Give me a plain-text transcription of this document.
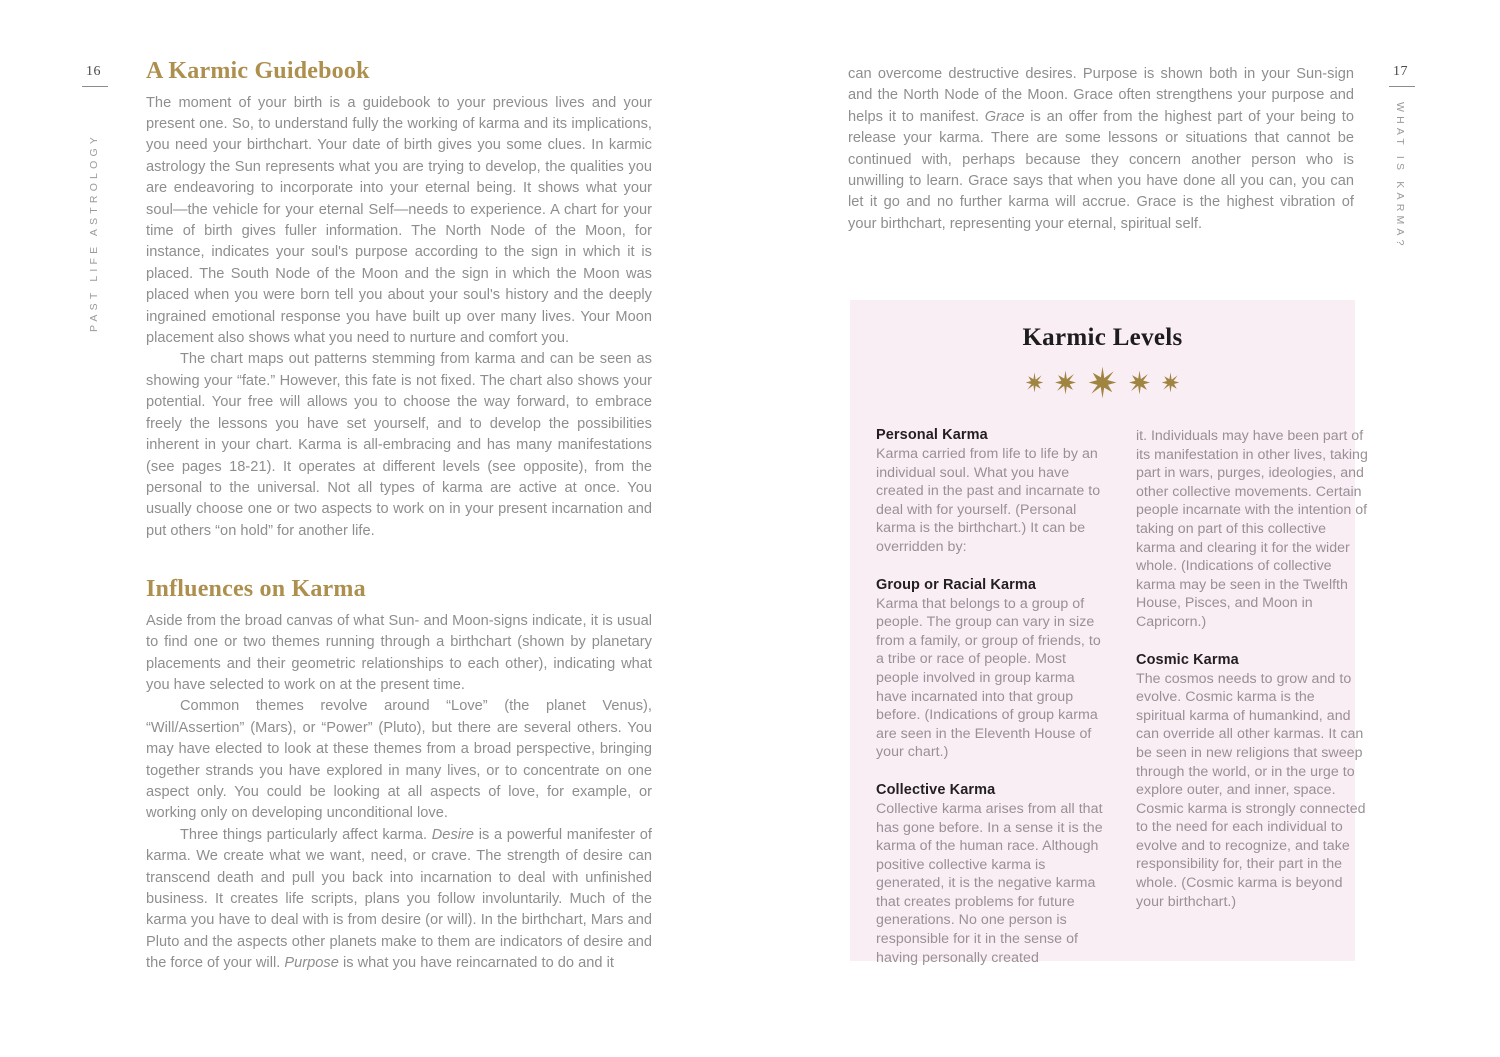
16
PAST LIFE ASTROLOGY
A Karmic Guidebook

The moment of your birth is a guidebook to your previous lives and your present one. So, to understand fully the working of karma and its implications, you need your birthchart. Your date of birth gives you some clues. In karmic astrology the Sun represents what you are trying to develop, the qualities you are endeavoring to incorporate into your eternal being. It shows what your soul—the vehicle for your eternal Self—needs to experience. A chart for your time of birth gives fuller information. The North Node of the Moon, for instance, indicates your soul's purpose according to the sign in which it is placed. The South Node of the Moon and the sign in which the Moon was placed when you were born tell you about your soul's history and the deeply ingrained emotional response you have built up over many lives. Your Moon placement also shows what you need to nurture and comfort you.

The chart maps out patterns stemming from karma and can be seen as showing your “fate.” However, this fate is not fixed. The chart also shows your potential. Your free will allows you to choose the way forward, to embrace freely the lessons you have set yourself, and to develop the possibilities inherent in your chart. Karma is all-embracing and has many manifestations (see pages 18-21). It operates at different levels (see opposite), from the personal to the universal. Not all types of karma are active at once. You usually choose one or two aspects to work on in your present incarnation and put others “on hold” for another life.

Influences on Karma

Aside from the broad canvas of what Sun- and Moon-signs indicate, it is usual to find one or two themes running through a birthchart (shown by planetary placements and their geometric relationships to each other), indicating what you have selected to work on at the present time.

Common themes revolve around “Love” (the planet Venus), “Will/Assertion” (Mars), or “Power” (Pluto), but there are several others. You may have elected to look at these themes from a broad perspective, bringing together strands you have explored in many lives, or to concentrate on one aspect only. You could be looking at all aspects of love, for example, or working only on developing unconditional love.

Three things particularly affect karma. Desire is a powerful manifester of karma. We create what we want, need, or crave. The strength of desire can transcend death and pull you back into incarnation to deal with unfinished business. It creates life scripts, plans you follow involuntarily. Much of the karma you have to deal with is from desire (or will). In the birthchart, Mars and Pluto and the aspects other planets make to them are indicators of desire and the force of your will. Purpose is what you have reincarnated to do and it

17
WHAT IS KARMA?

can overcome destructive desires. Purpose is shown both in your Sun-sign and the North Node of the Moon. Grace often strengthens your purpose and helps it to manifest. Grace is an offer from the highest part of your being to release your karma. There are some lessons or situations that cannot be continued with, perhaps because they concern another person who is unwilling to learn. Grace says that when you have done all you can, you can let it go and no further karma will accrue. Grace is the highest vibration of your birthchart, representing your eternal, spiritual self.

Karmic Levels

Personal Karma

Karma carried from life to life by an individual soul. What you have created in the past and incarnate to deal with for yourself. (Personal karma is the birthchart.) It can be overridden by:

Group or Racial Karma

Karma that belongs to a group of people. The group can vary in size from a family, or group of friends, to a tribe or race of people. Most people involved in group karma have incarnated into that group before. (Indications of group karma are seen in the Eleventh House of your chart.)

Collective Karma

Collective karma arises from all that has gone before. In a sense it is the karma of the human race. Although positive collective karma is generated, it is the negative karma that creates problems for future generations. No one person is responsible for it in the sense of having personally created

it. Individuals may have been part of its manifestation in other lives, taking part in wars, purges, ideologies, and other collective movements. Certain people incarnate with the intention of taking on part of this collective karma and clearing it for the wider whole. (Indications of collective karma may be seen in the Twelfth House, Pisces, and Moon in Capricorn.)

Cosmic Karma

The cosmos needs to grow and to evolve. Cosmic karma is the spiritual karma of humankind, and can override all other karmas. It can be seen in new religions that sweep through the world, or in the urge to explore outer, and inner, space. Cosmic karma is strongly connected to the need for each individual to evolve and to recognize, and take responsibility for, their part in the whole. (Cosmic karma is beyond your birthchart.)
